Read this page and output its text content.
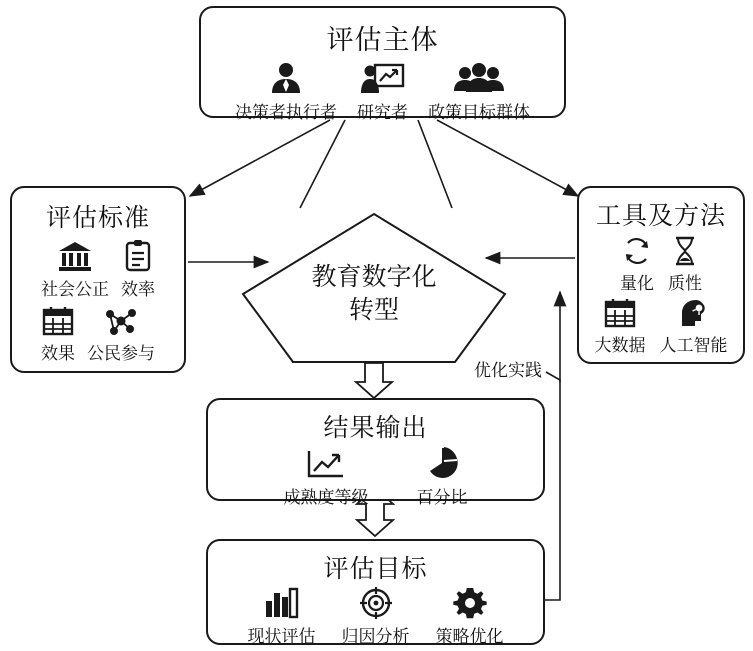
评估主体
决策者执行者 研究者 政策目标群体
评估标准
社会公正 效率
效果 公民参与
工具及方法
量化 质性
大数据 人工智能
教育数字化
转型
结果输出
成熟度等级	百分比
评估目标
现状评估 归因分析 策略优化
优化实践
